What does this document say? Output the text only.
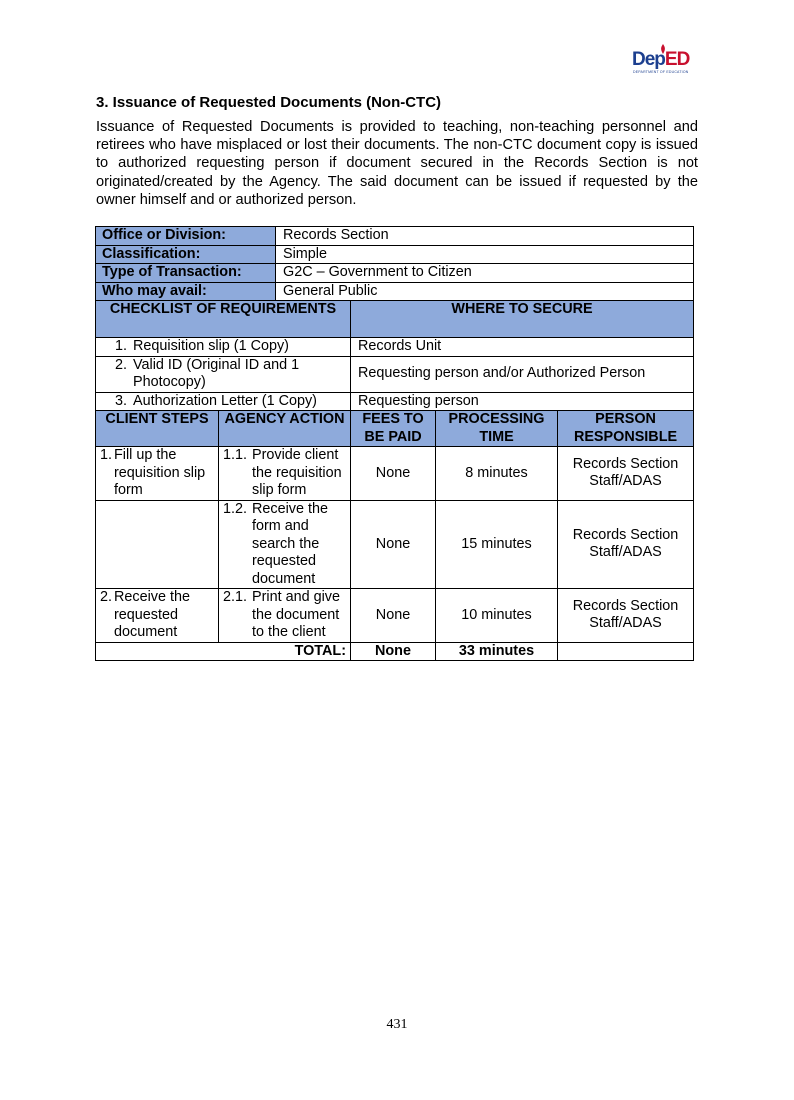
DepED
DEPARTMENT OF EDUCATION
3. Issuance of Requested Documents (Non-CTC)
Issuance of Requested Documents is provided to teaching, non-teaching personnel and retirees who have misplaced or lost their documents. The non-CTC document copy is issued to authorized requesting person if document secured in the Records Section is not originated/created by the Agency. The said document can be issued if requested by the owner himself and or authorized person.
Office or Division:		Records Section			
Classification:		Simple			
Type of Transaction:		G2C – Government to Citizen			
Who may avail:		General Public			
CHECKLIST OF REQUIREMENTS			WHERE TO SECURE		

1. Requisition slip (1 Copy)			Records Unit		

2. Valid ID (Original ID and 1 Photocopy)			Requesting person and/or Authorized Person		

3. Authorization Letter (1 Copy)			Requesting person		
CLIENT STEPS	AGENCY ACTION		FEES TO BE PAID	PROCESSING TIME	PERSON RESPONSIBLE

1. Fill up the requisition slip form	1.1. Provide client the requisition slip form		None	8 minutes	Records Section Staff/ADAS

	1.2. Receive the form and search the requested document		None	15 minutes	Records Section Staff/ADAS

2. Receive the requested document	2.1. Print and give the document to the client		None	10 minutes	Records Section Staff/ADAS
TOTAL:			None	33 minutes	
431
